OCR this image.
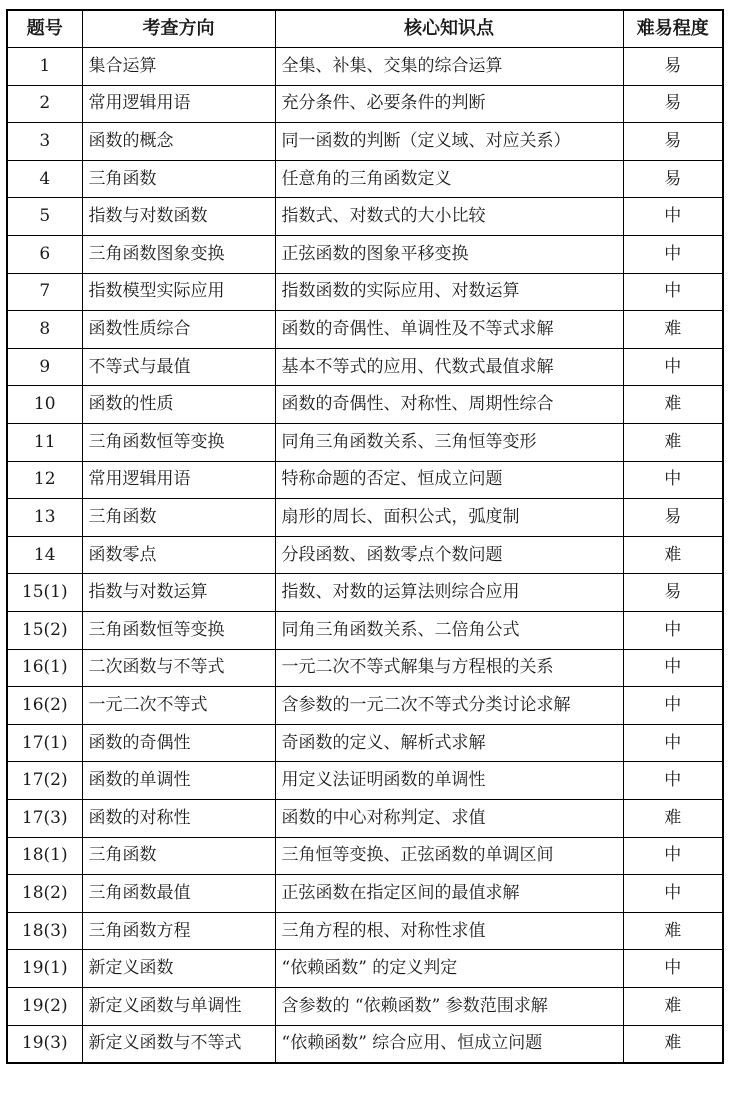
题号	考查方向	核心知识点	难易程度
1	集合运算	全集、补集、交集的综合运算	易
2	常用逻辑用语	充分条件、必要条件的判断	易
3	函数的概念	同一函数的判断（定义域、对应关系）	易
4	三角函数	任意角的三角函数定义	易
5	指数与对数函数	指数式、对数式的大小比较	中
6	三角函数图象变换	正弦函数的图象平移变换	中
7	指数模型实际应用	指数函数的实际应用、对数运算	中
8	函数性质综合	函数的奇偶性、单调性及不等式求解	难
9	不等式与最值	基本不等式的应用、代数式最值求解	中
10	函数的性质	函数的奇偶性、对称性、周期性综合	难
11	三角函数恒等变换	同角三角函数关系、三角恒等变形	难
12	常用逻辑用语	特称命题的否定、恒成立问题	中
13	三角函数	扇形的周长、面积公式，弧度制	易
14	函数零点	分段函数、函数零点个数问题	难
15(1)	指数与对数运算	指数、对数的运算法则综合应用	易
15(2)	三角函数恒等变换	同角三角函数关系、二倍角公式	中
16(1)	二次函数与不等式	一元二次不等式解集与方程根的关系	中
16(2)	一元二次不等式	含参数的一元二次不等式分类讨论求解	中
17(1)	函数的奇偶性	奇函数的定义、解析式求解	中
17(2)	函数的单调性	用定义法证明函数的单调性	中
17(3)	函数的对称性	函数的中心对称判定、求值	难
18(1)	三角函数	三角恒等变换、正弦函数的单调区间	中
18(2)	三角函数最值	正弦函数在指定区间的最值求解	中
18(3)	三角函数方程	三角方程的根、对称性求值	难
19(1)	新定义函数	“依赖函数” 的定义判定	中
19(2)	新定义函数与单调性	含参数的 “依赖函数” 参数范围求解	难
19(3)	新定义函数与不等式	“依赖函数” 综合应用、恒成立问题	难
